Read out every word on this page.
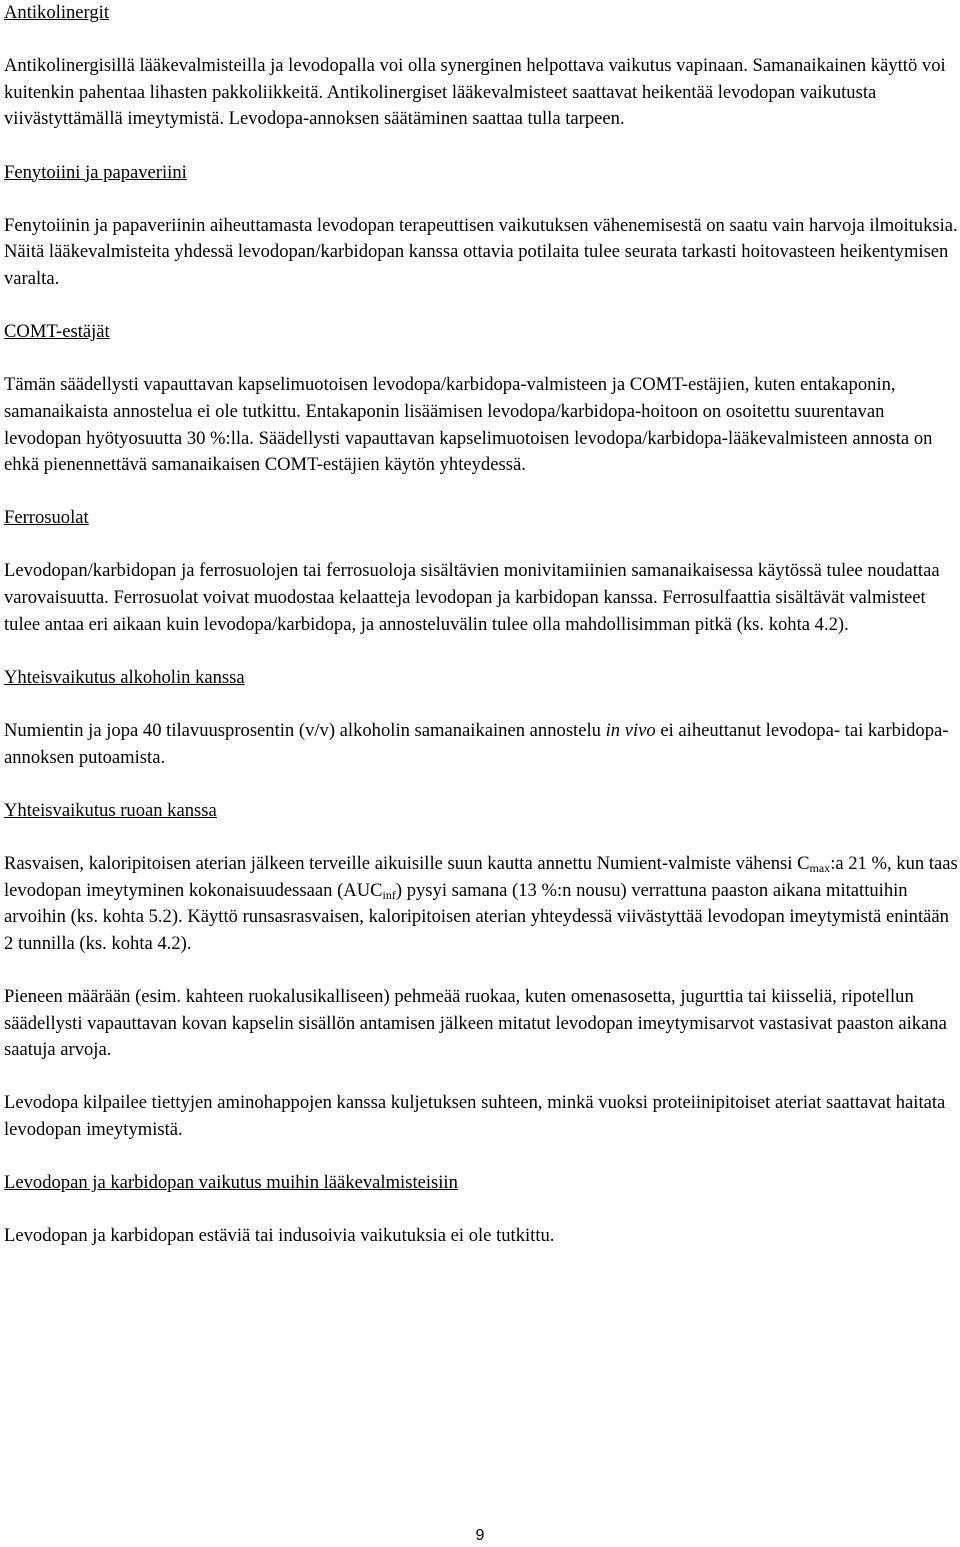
Antikolinergit

Antikolinergisillä lääkevalmisteilla ja levodopalla voi olla synerginen helpottava vaikutus vapinaan. Samanaikainen käyttö voi kuitenkin pahentaa lihasten pakkoliikkeitä. Antikolinergiset lääkevalmisteet saattavat heikentää levodopan vaikutusta viivästyttämällä imeytymistä. Levodopa-annoksen säätäminen saattaa tulla tarpeen.

Fenytoiini ja papaveriini

Fenytoiinin ja papaveriinin aiheuttamasta levodopan terapeuttisen vaikutuksen vähenemisestä on saatu vain harvoja ilmoituksia. Näitä lääkevalmisteita yhdessä levodopan/karbidopan kanssa ottavia potilaita tulee seurata tarkasti hoitovasteen heikentymisen varalta.

COMT-estäjät

Tämän säädellysti vapauttavan kapselimuotoisen levodopa/karbidopa-valmisteen ja COMT-estäjien, kuten entakaponin, samanaikaista annostelua ei ole tutkittu. Entakaponin lisäämisen levodopa/karbidopa-hoitoon on osoitettu suurentavan levodopan hyötyosuutta 30 %:lla. Säädellysti vapauttavan kapselimuotoisen levodopa/karbidopa-lääkevalmisteen annosta on ehkä pienennettävä samanaikaisen COMT-estäjien käytön yhteydessä.

Ferrosuolat

Levodopan/karbidopan ja ferrosuolojen tai ferrosuoloja sisältävien monivitamiinien samanaikaisessa käytössä tulee noudattaa varovaisuutta. Ferrosuolat voivat muodostaa kelaatteja levodopan ja karbidopan kanssa. Ferrosulfaattia sisältävät valmisteet tulee antaa eri aikaan kuin levodopa/karbidopa, ja annosteluvälin tulee olla mahdollisimman pitkä (ks. kohta 4.2).

Yhteisvaikutus alkoholin kanssa

Numientin ja jopa 40 tilavuusprosentin (v/v) alkoholin samanaikainen annostelu in vivo ei aiheuttanut levodopa- tai karbidopa-annoksen putoamista.

Yhteisvaikutus ruoan kanssa

Rasvaisen, kaloripitoisen aterian jälkeen terveille aikuisille suun kautta annettu Numient-valmiste vähensi $C_{max}:a$ 21 %, kun taas levodopan imeytyminen kokonaisuudessaan $(AUC_{inf})$ pysyi samana (13 %:n nousu) verrattuna paaston aikana mitattuihin arvoihin (ks. kohta 5.2). Käyttö runsasrasvaisen, kaloripitoisen aterian yhteydessä viivästyttää levodopan imeytymistä enintään 2 tunnilla (ks. kohta 4.2).

Pieneen määrään (esim. kahteen ruokalusikalliseen) pehmeää ruokaa, kuten omenasosetta, jugurttia tai kiisseliä, ripotellun säädellysti vapauttavan kovan kapselin sisällön antamisen jälkeen mitatut levodopan imeytymisarvot vastasivat paaston aikana saatuja arvoja.

Levodopa kilpailee tiettyjen aminohappojen kanssa kuljetuksen suhteen, minkä vuoksi proteiinipitoiset ateriat saattavat haitata levodopan imeytymistä.

Levodopan ja karbidopan vaikutus muihin lääkevalmisteisiin

Levodopan ja karbidopan estäviä tai indusoivia vaikutuksia ei ole tutkittu.

9
